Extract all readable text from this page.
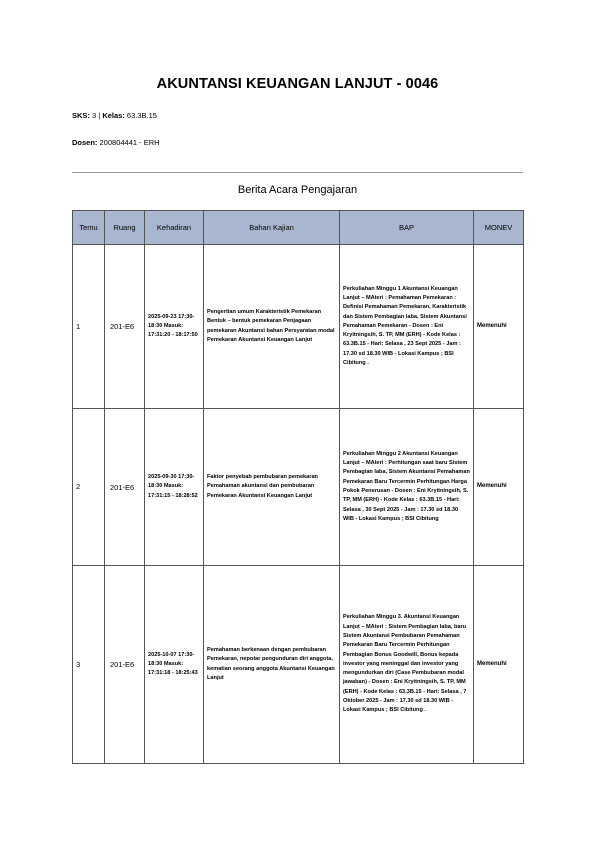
AKUNTANSI KEUANGAN LANJUT - 0046
SKS: 3 | Kelas: 63.3B.15
Dosen: 200804441 - ERH
Berita Acara Pengajaran
Temu	Ruang	Kehadiran	Bahan Kajian	BAP	MONEV
1	201-E6	2025-09-23 17:30-18:30 Masuk: 17:31:20 - 18:17:50	Pengertian umum Karakteristik Pemekaran Bentuk – bentuk pemekaran Penjagaan pemekaran Akuntansi bahan Persyaratan modal Pemekaran Akuntansi Keuangan Lanjut	Perkuliahan Minggu 1 Akuntansi Keuangan Lanjut – MAteri : Pemahaman Pemekaran : Definisi Pemahaman Pemekaran, Karakteristik dan Sistem Pembagian laba, Sistem Akuntansi Pemahaman Pemekaran - Dosen : Eni Kryitningsih, S. TP, MM (ERH) - Kode Kelas : 63.3B.15 - Hari: Selasa , 23 Sept 2025 - Jam : 17.30 sd 18.30 WIB - Lokasi Kampus ; BSI Cibitung .	Memenuhi
2	201-E6	2025-09-30 17:30-18:30 Masuk: 17:31:15 - 18:28:52	Faktor penyebab pembubaran pemekaran Pemahaman akuntansi dan pembubaran Pemekaran Akuntansi Keuangan Lanjut	Perkuliahan Minggu 2 Akuntansi Keuangan Lanjut – MAteri : Perhitungan saat baru Sistem Pembagian laba, Sistem Akuntansi Pemahaman Pemekaran Baru Tercermin Perhitungan Harga Pokok Penerusan - Dosen : Eni Kryitningsih, S. TP, MM (ERH) - Kode Kelas : 63.3B.15 - Hari: Selasa , 30 Sept 2025 - Jam : 17.30 sd 18.30 WIB - Lokasi Kampus ; BSI Cibitung	Memenuhi
3	201-E6	2025-10-07 17:30-18:30 Masuk: 17:31:18 - 18:25:43	Pemahaman berkenaan dengan pembubaran Pemekaran, nepotar pengunduran diri anggota, kematian seorang anggota Akuntansi Keuangan Lanjut	Perkuliahan Minggu 3. Akuntansi Keuangan Lanjut – MAteri : Sistem Pembagian laba, baru Sistem Akuntansi Pembubaran Pemahaman Pemekaran Baru Tercermin Perhitungan Pembagian Bonus Goodwill, Bonus kepada investor yang meninggal dan investor yang mengundurkan diri (Case Pembubaran modal jawaban) - Dosen : Eni Kryitningsih, S. TP, MM (ERH) - Kode Kelas : 63.3B.15 - Hari: Selasa , 7 Oktober 2025 - Jam : 17.30 sd 18.30 WIB - Lokasi Kampus ; BSI Cibitung .	Memenuhi
